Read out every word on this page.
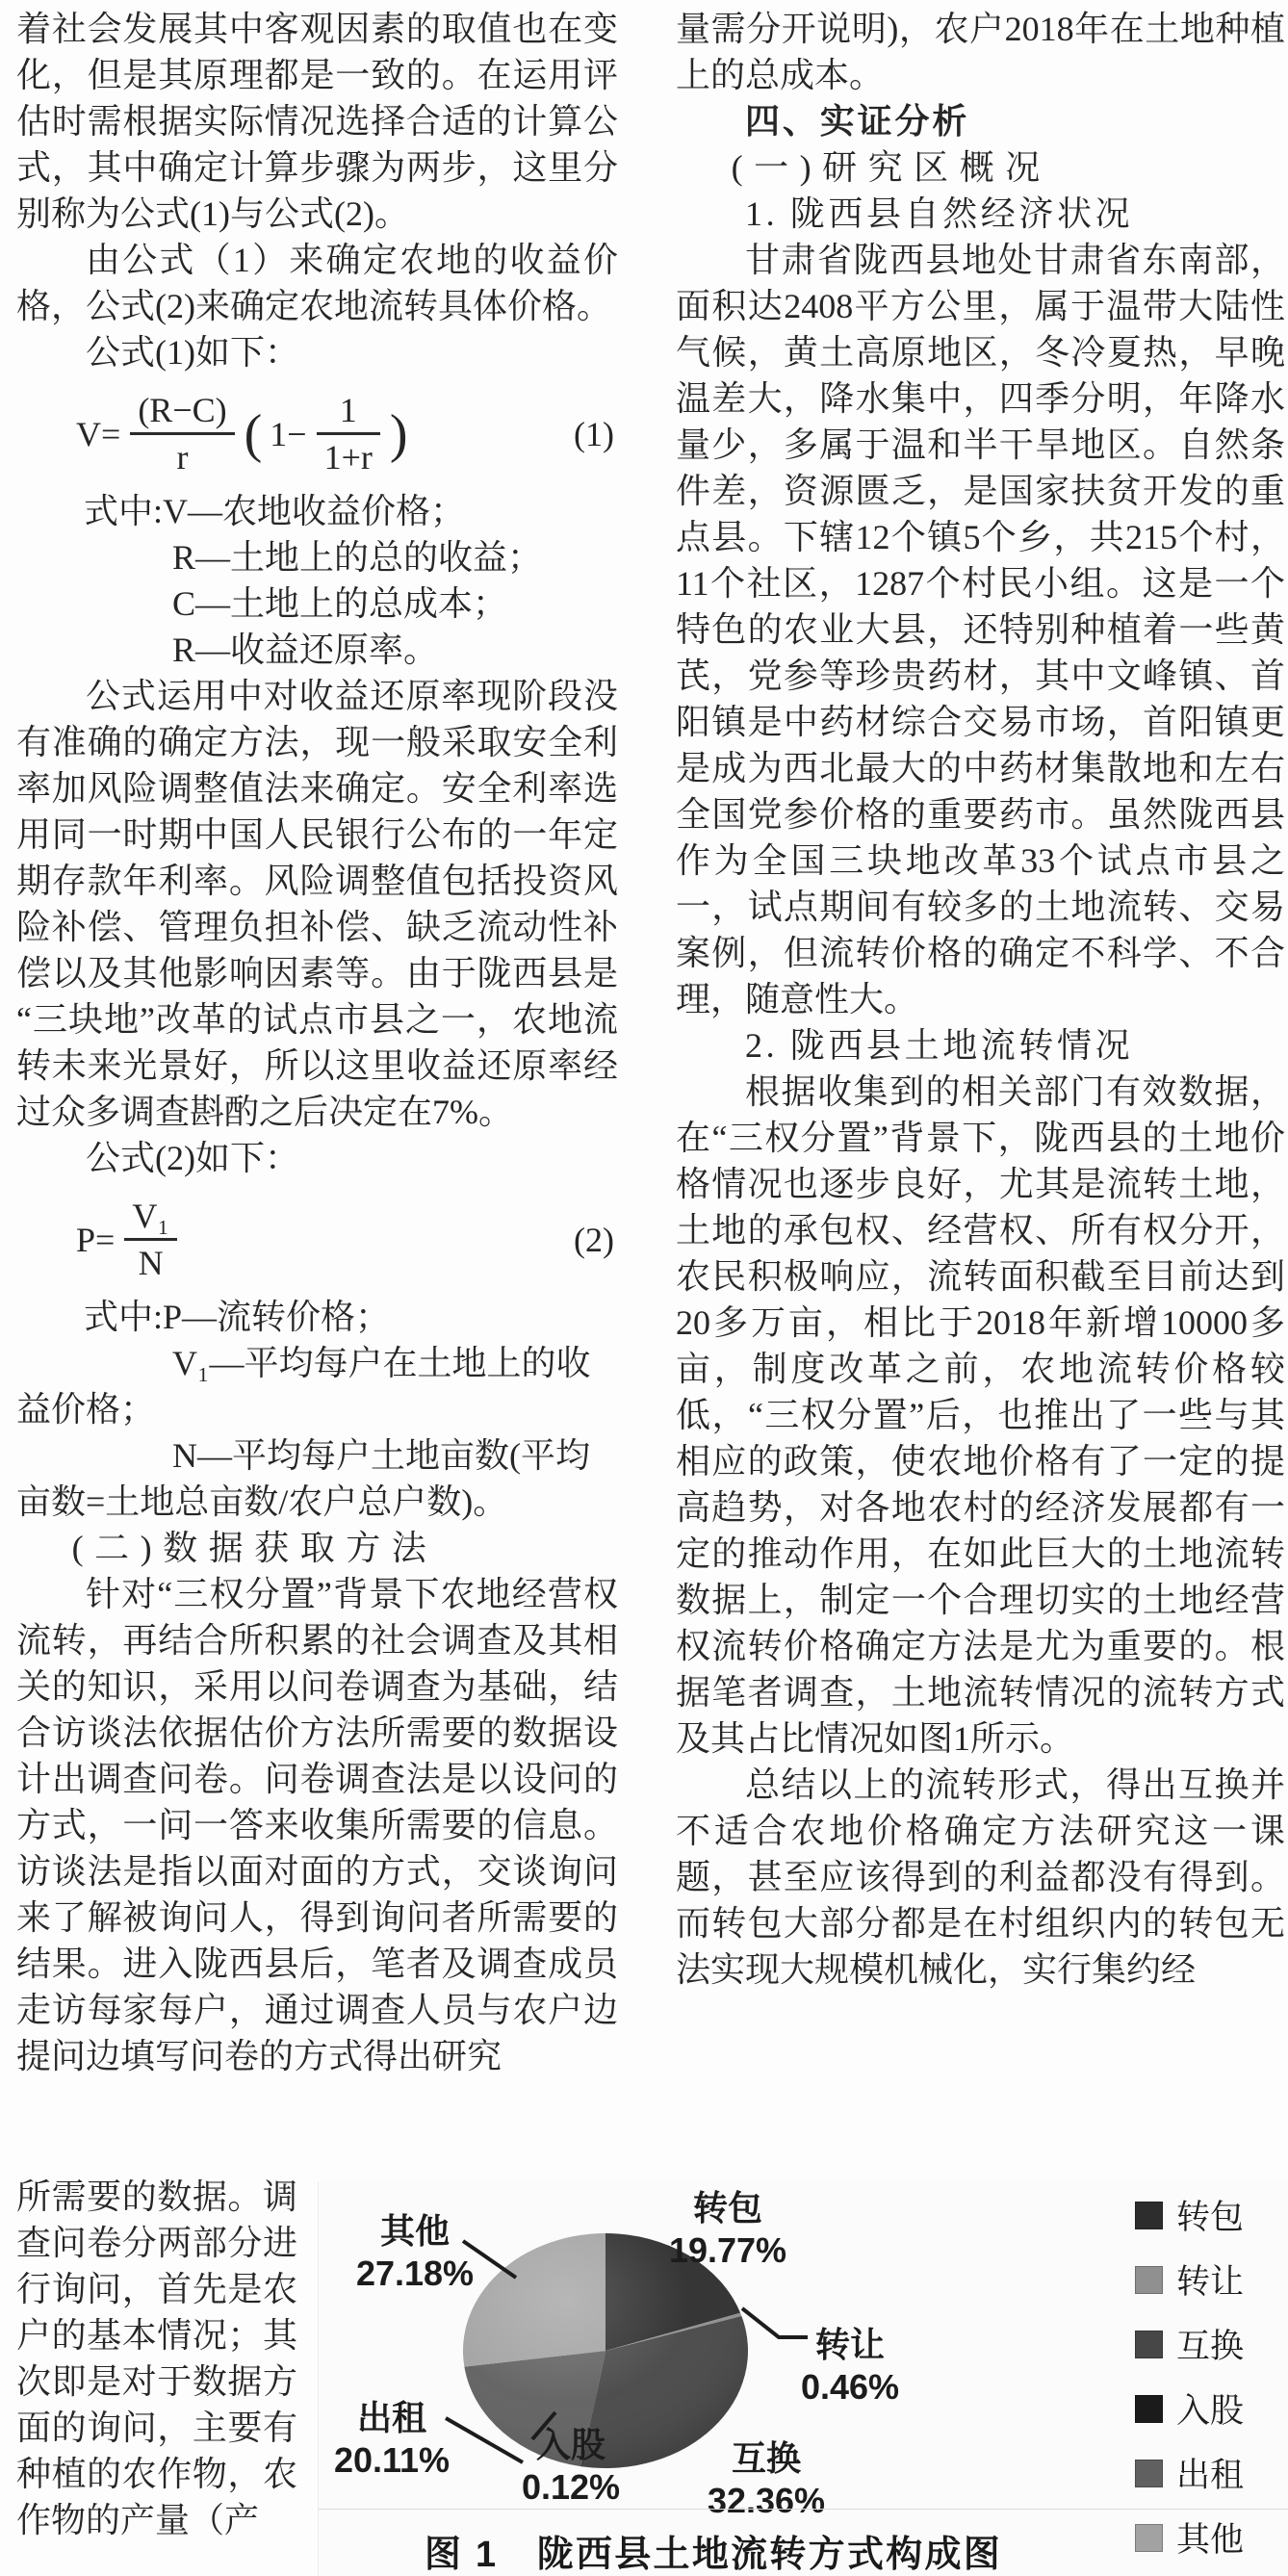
着社会发展其中客观因素的取值也在变化，但是其原理都是一致的。在运用评估时需根据实际情况选择合适的计算公式，其中确定计算步骤为两步，这里分别称为公式(1)与公式(2)。

由公式（1）来确定农地的收益价格，公式(2)来确定农地流转具体价格。

公式(1)如下：

$V= \frac{(R-C)}{r}$ ( $1- \frac{1}{1+r}$ )	(1)
式中:V—农地收益价格；
R—土地上的总的收益；
C—土地上的总成本；
R—收益还原率。

公式运用中对收益还原率现阶段没有准确的确定方法，现一般采取安全利率加风险调整值法来确定。安全利率选用同一时期中国人民银行公布的一年定期存款年利率。风险调整值包括投资风险补偿、管理负担补偿、缺乏流动性补偿以及其他影响因素等。由于陇西县是“三块地”改革的试点市县之一，农地流转未来光景好，所以这里收益还原率经过众多调查斟酌之后决定在7%。

公式(2)如下：

$P= \frac{\text{V₁}}{N}$	(2)
式中:P—流转价格；
V₁—平均每户在土地上的收
益价格；
N—平均每户土地亩数(平均
亩数=土地总亩数/农户总户数)。

(二)数据获取方法

针对“三权分置”背景下农地经营权流转，再结合所积累的社会调查及其相关的知识，采用以问卷调查为基础，结合访谈法依据估价方法所需要的数据设计出调查问卷。问卷调查法是以设问的方式，一问一答来收集所需要的信息。访谈法是指以面对面的方式，交谈询问来了解被询问人，得到询问者所需要的结果。进入陇西县后，笔者及调查成员走访每家每户，通过调查人员与农户边提问边填写问卷的方式得出研究

所需要的数据。调查问卷分两部分进行询问，首先是农户的基本情况；其次即是对于数据方面的询问，主要有种植的农作物，农作物的产量（产

量需分开说明)，农户2018年在土地种植上的总成本。

四、实证分析

(一)研究区概况

1. 陇西县自然经济状况

甘肃省陇西县地处甘肃省东南部，面积达2408平方公里，属于温带大陆性气候，黄土高原地区，冬冷夏热，早晚温差大，降水集中，四季分明，年降水量少，多属于温和半干旱地区。自然条件差，资源匮乏，是国家扶贫开发的重点县。下辖12个镇5个乡，共215个村，11个社区，1287个村民小组。这是一个特色的农业大县，还特别种植着一些黄芪，党参等珍贵药材，其中文峰镇、首阳镇是中药材综合交易市场，首阳镇更是成为西北最大的中药材集散地和左右全国党参价格的重要药市。虽然陇西县作为全国三块地改革33个试点市县之一，试点期间有较多的土地流转、交易案例，但流转价格的确定不科学、不合理，随意性大。

2. 陇西县土地流转情况

根据收集到的相关部门有效数据，在“三权分置”背景下，陇西县的土地价格情况也逐步良好，尤其是流转土地，土地的承包权、经营权、所有权分开，农民积极响应，流转面积截至目前达到20多万亩，相比于2018年新增10000多亩，制度改革之前，农地流转价格较低，“三权分置”后，也推出了一些与其相应的政策，使农地价格有了一定的提高趋势，对各地农村的经济发展都有一定的推动作用，在如此巨大的土地流转数据上，制定一个合理切实的土地经营权流转价格确定方法是尤为重要的。根据笔者调查，土地流转情况的流转方式及其占比情况如图1所示。

总结以上的流转形式，得出互换并不适合农地价格确定方法研究这一课题，甚至应该得到的利益都没有得到。而转包大部分都是在村组织内的转包无法实现大规模机械化，实行集约经

转包
19.77%
其他
27.18%
转让
0.46%
出租
20.11%	入股
0.12%
互换
32.36%
转包
转让
互换
入股
出租
其他
图 1　陇西县土地流转方式构成图
